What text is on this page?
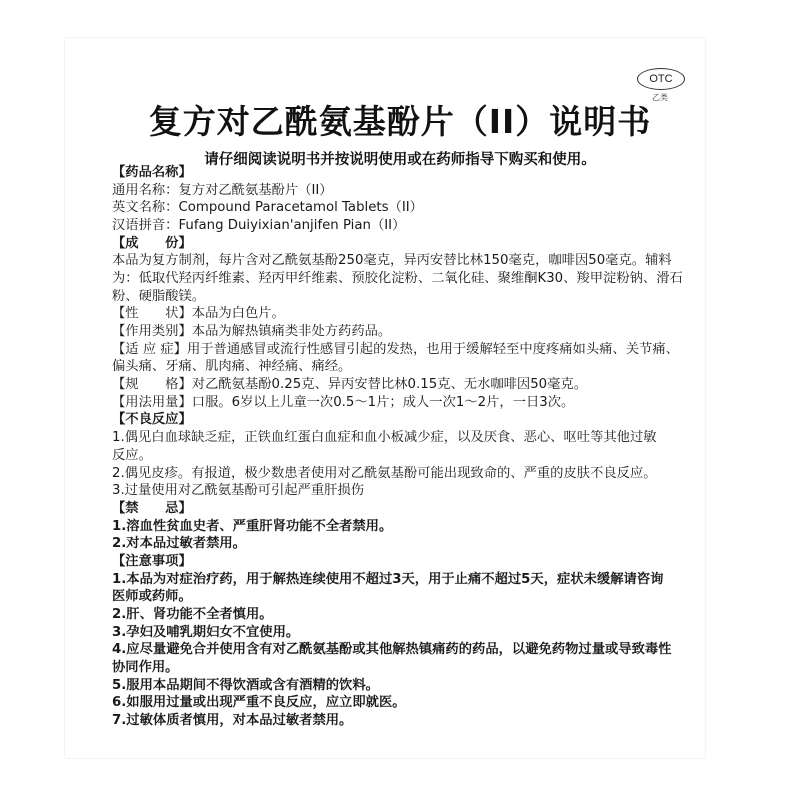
OTC
乙类
复方对乙酰氨基酚片（II）说明书
请仔细阅读说明书并按说明使用或在药师指导下购买和使用。
【药品名称】
通用名称：复方对乙酰氨基酚片（II）
英文名称：Compound Paracetamol Tablets（II）
汉语拼音：Fufang Duiyixian'anjifen Pian（II）
【成　　份】
本品为复方制剂，每片含对乙酰氨基酚250毫克，异丙安替比林150毫克，咖啡因50毫克。辅料
为：低取代羟丙纤维素、羟丙甲纤维素、预胶化淀粉、二氧化硅、聚维酮K30、羧甲淀粉钠、滑石
粉、硬脂酸镁。
【性　　状】本品为白色片。
【作用类别】本品为解热镇痛类非处方药药品。
【适 应 症】用于普通感冒或流行性感冒引起的发热，也用于缓解轻至中度疼痛如头痛、关节痛、
偏头痛、牙痛、肌肉痛、神经痛、痛经。
【规　　格】对乙酰氨基酚0.25克、异丙安替比林0.15克、无水咖啡因50毫克。
【用法用量】口服。6岁以上儿童一次0.5～1片；成人一次1～2片，一日3次。
【不良反应】
1.偶见白血球缺乏症，正铁血红蛋白血症和血小板减少症，以及厌食、恶心、呕吐等其他过敏
反应。
2.偶见皮疹。有报道，极少数患者使用对乙酰氨基酚可能出现致命的、严重的皮肤不良反应。
3.过量使用对乙酰氨基酚可引起严重肝损伤
【禁　　忌】
1.溶血性贫血史者、严重肝肾功能不全者禁用。
2.对本品过敏者禁用。
【注意事项】
1.本品为对症治疗药，用于解热连续使用不超过3天，用于止痛不超过5天，症状未缓解请咨询
医师或药师。
2.肝、肾功能不全者慎用。
3.孕妇及哺乳期妇女不宜使用。
4.应尽量避免合并使用含有对乙酰氨基酚或其他解热镇痛药的药品，以避免药物过量或导致毒性
协同作用。
5.服用本品期间不得饮酒或含有酒精的饮料。
6.如服用过量或出现严重不良反应，应立即就医。
7.过敏体质者慎用，对本品过敏者禁用。
